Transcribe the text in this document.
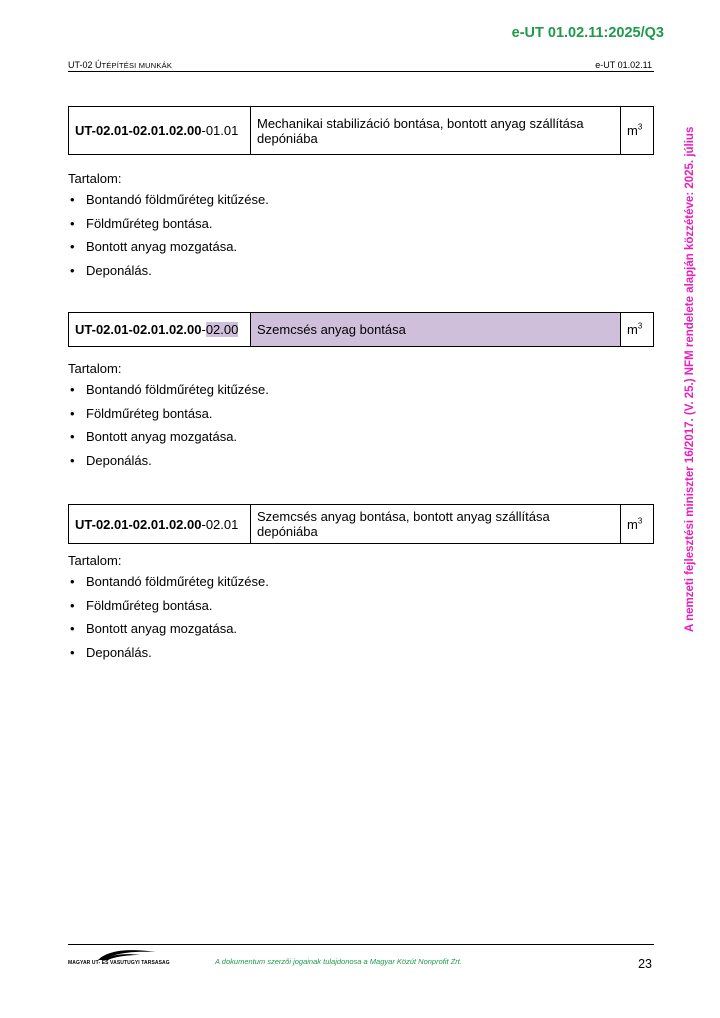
e-UT 01.02.11:2025/Q3
UT-02 ÚTÉPÍTÉSI MUNKÁK	e-UT 01.02.11
A nemzeti fejlesztési miniszter 16/2017. (V. 25.) NFM rendelete alapján közzétéve: 2025. július
UT-02.01-02.01.02.00-01.01	Mechanikai stabilizáció bontása, bontott anyag szállítása depóniába	$m^3$
Tartalom:
• Bontandó földműréteg kitűzése.
• Földműréteg bontása.
• Bontott anyag mozgatása.
• Deponálás.
UT-02.01-02.01.02.00-02.00	Szemcsés anyag bontása	$m^3$
Tartalom:
• Bontandó földműréteg kitűzése.
• Földműréteg bontása.
• Bontott anyag mozgatása.
• Deponálás.
UT-02.01-02.01.02.00-02.01	Szemcsés anyag bontása, bontott anyag szállítása depóniába	$m^3$
Tartalom:
• Bontandó földműréteg kitűzése.
• Földműréteg bontása.
• Bontott anyag mozgatása.
• Deponálás.
MAGYAR UT- ES VASUTUGYI TARSASAG	A dokumentum szerzői jogainak tulajdonosa a Magyar Közút Nonprofit Zrt.	23
